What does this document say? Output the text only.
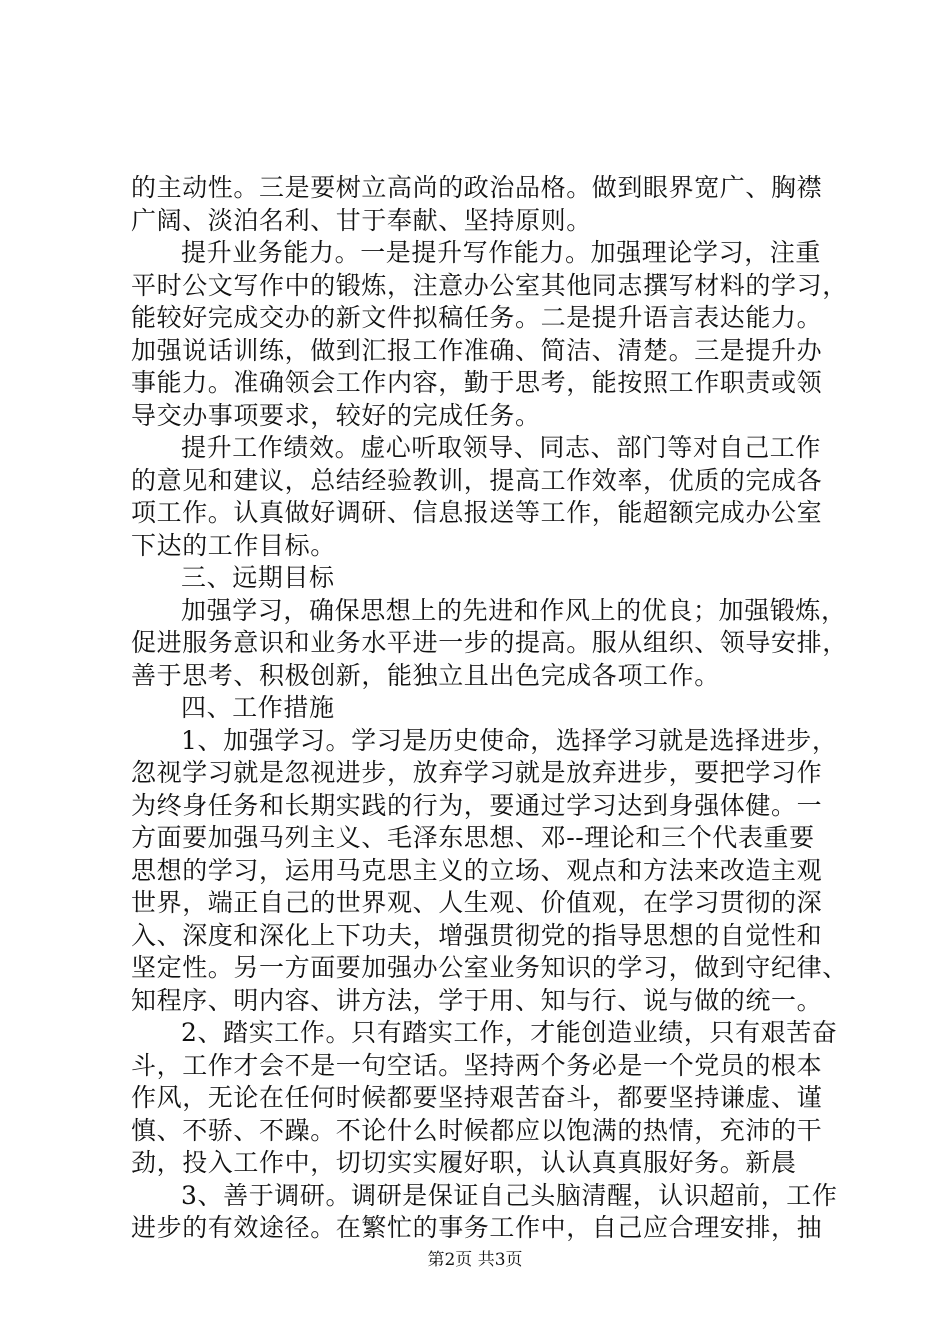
的主动性。三是要树立高尚的政治品格。做到眼界宽广、胸襟
广阔、淡泊名利、甘于奉献、坚持原则。
提升业务能力。一是提升写作能力。加强理论学习，注重
平时公文写作中的锻炼，注意办公室其他同志撰写材料的学习，
能较好完成交办的新文件拟稿任务。二是提升语言表达能力。
加强说话训练，做到汇报工作准确、简洁、清楚。三是提升办
事能力。准确领会工作内容，勤于思考，能按照工作职责或领
导交办事项要求，较好的完成任务。
提升工作绩效。虚心听取领导、同志、部门等对自己工作
的意见和建议，总结经验教训，提高工作效率，优质的完成各
项工作。认真做好调研、信息报送等工作，能超额完成办公室
下达的工作目标。
三、远期目标
加强学习，确保思想上的先进和作风上的优良；加强锻炼，
促进服务意识和业务水平进一步的提高。服从组织、领导安排，
善于思考、积极创新，能独立且出色完成各项工作。
四、工作措施
1、加强学习。学习是历史使命，选择学习就是选择进步，
忽视学习就是忽视进步，放弃学习就是放弃进步，要把学习作
为终身任务和长期实践的行为，要通过学习达到身强体健。一
方面要加强马列主义、毛泽东思想、邓--理论和三个代表重要
思想的学习，运用马克思主义的立场、观点和方法来改造主观
世界，端正自己的世界观、人生观、价值观，在学习贯彻的深
入、深度和深化上下功夫，增强贯彻党的指导思想的自觉性和
坚定性。另一方面要加强办公室业务知识的学习，做到守纪律、
知程序、明内容、讲方法，学于用、知与行、说与做的统一。
2、踏实工作。只有踏实工作，才能创造业绩，只有艰苦奋
斗，工作才会不是一句空话。坚持两个务必是一个党员的根本
作风，无论在任何时候都要坚持艰苦奋斗，都要坚持谦虚、谨
慎、不骄、不躁。不论什么时候都应以饱满的热情，充沛的干
劲，投入工作中，切切实实履好职，认认真真服好务。新晨
3、善于调研。调研是保证自己头脑清醒，认识超前，工作
进步的有效途径。在繁忙的事务工作中，自己应合理安排，抽
第2页 共3页
